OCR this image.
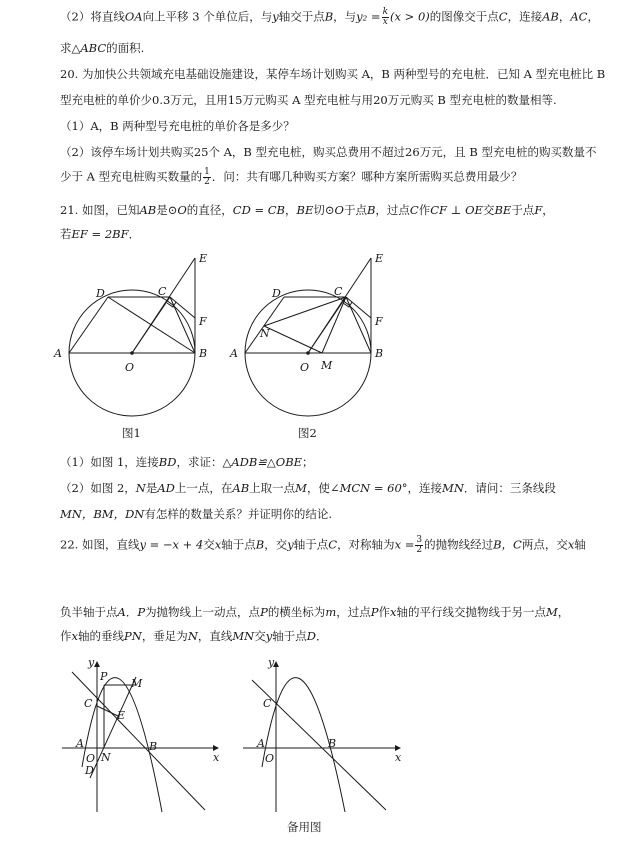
（2）将直线OA向上平移 3 个单位后，与y轴交于点B，与$y_2 = \frac{k}{x} (x > 0)$的图像交于点C，连接AB，AC，
求△ABC的面积.
20. 为加快公共领域充电基础设施建设，某停车场计划购买 A，B 两种型号的充电桩．已知 A 型充电桩比 B
型充电桩的单价少0.3万元，且用15万元购买 A 型充电桩与用20万元购买 B 型充电桩的数量相等.
（1）A，B 两种型号充电桩的单价各是多少？
（2）该停车场计划共购买25个 A，B 型充电桩，购买总费用不超过26万元，且 B 型充电桩的购买数量不
少于 A 型充电桩购买数量的 $\frac{1}{2}$ ．问：共有哪几种购买方案？哪种方案所需购买总费用最少？
21. 如图，已知AB是⊙O的直径，CD = CB，BE切⊙O于点B，过点C作CF ⊥ OE交BE于点F，
若EF = 2BF．
A	B
C
D
E
F
O
A	B
C
D
E
F
O M
N
图1	图2
（1）如图 1，连接BD，求证：△ADB≌△OBE；
（2）如图 2，N是AD上一点，在AB上取一点M，使∠MCN = 60°，连接MN．请问：三条线段
MN，BM，DN有怎样的数量关系？并证明你的结论.
22. 如图，直线y = −x + 4交x轴于点B，交y轴于点C，对称轴为$x = \frac{3}{2}$ 的抛物线经过B，C两点，交x轴
负半轴于点A．P为抛物线上一动点，点P的横坐标为m，过点P作x轴的平行线交抛物线于另一点M，
作x轴的垂线PN，垂足为N，直线MN交y轴于点D．
P
M
C
E
A	B
N
O
D
x
y
C
A	B
O	x
y
备用图
